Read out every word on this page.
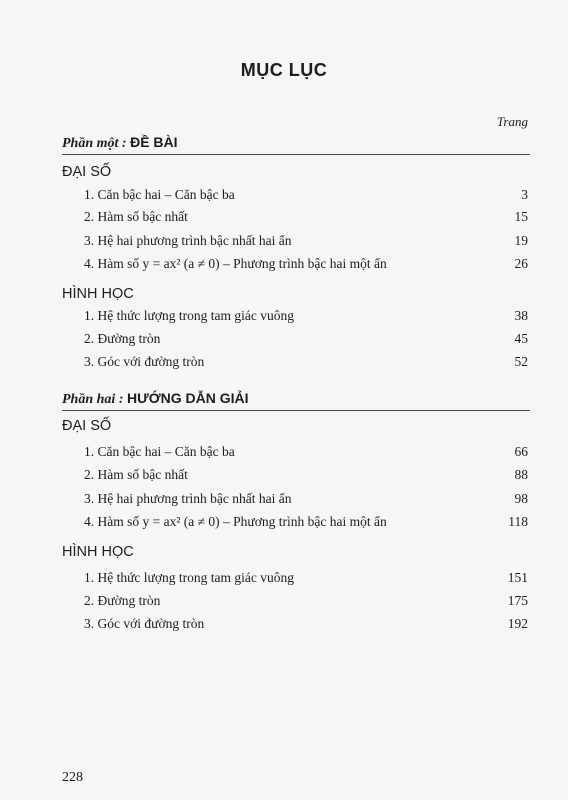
MỤC LỤC
Trang
Phần một : ĐỀ BÀI
ĐẠI SỐ
1. Căn bậc hai – Căn bậc ba	3
2. Hàm số bậc nhất	15
3. Hệ hai phương trình bậc nhất hai ẩn	19
4. Hàm số y = ax² (a ≠ 0) – Phương trình bậc hai một ẩn	26
HÌNH HỌC
1. Hệ thức lượng trong tam giác vuông	38
2. Đường tròn	45
3. Góc với đường tròn	52
Phần hai : HƯỚNG DẪN GIẢI
ĐẠI SỐ
1. Căn bậc hai – Căn bậc ba	66
2. Hàm số bậc nhất	88
3. Hệ hai phương trình bậc nhất hai ẩn	98
4. Hàm số y = ax² (a ≠ 0) – Phương trình bậc hai một ẩn	118
HÌNH HỌC
1. Hệ thức lượng trong tam giác vuông	151
2. Đường tròn	175
3. Góc với đường tròn	192
228
